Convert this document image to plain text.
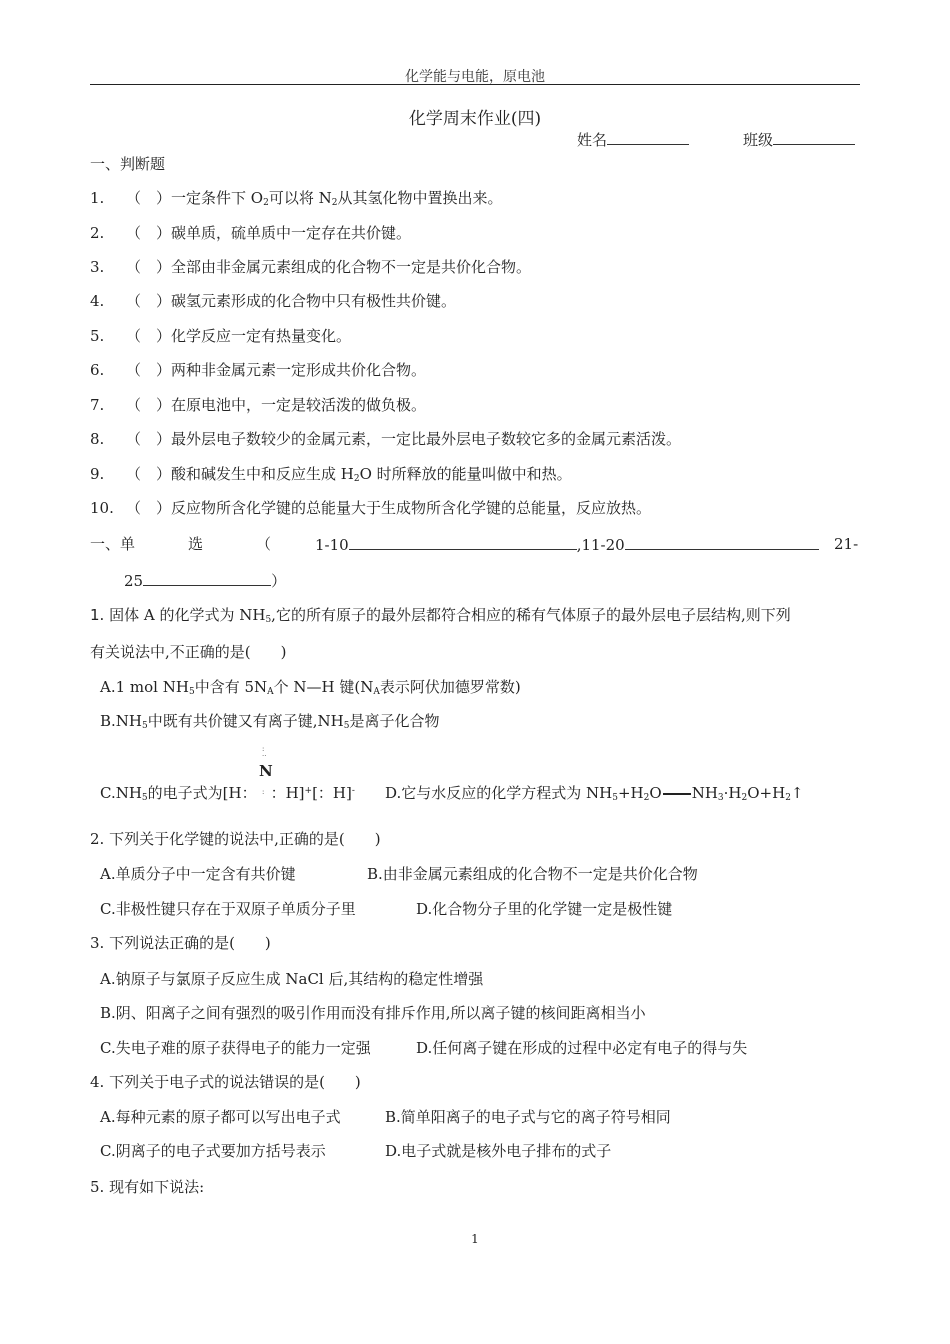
化学能与电能，原电池
化学周末作业(四)
姓名	班级
一、判断题
1. （　）一定条件下 $O_2$可以将 $N_2$从其氢化物中置换出来。
2. （　）碳单质，硫单质中一定存在共价键。
3. （　）全部由非金属元素组成的化合物不一定是共价化合物。
4. （　）碳氢元素形成的化合物中只有极性共价键。
5. （　）化学反应一定有热量变化。
6. （　）两种非金属元素一定形成共价化合物。
7. （　）在原电池中，一定是较活泼的做负极。
8. （　）最外层电子数较少的金属元素，一定比最外层电子数较它多的金属元素活泼。
9. （　）酸和碱发生中和反应生成 $H_2O$ 时所释放的能量叫做中和热。
10. （　）反应物所含化学键的总能量大于生成物所含化学键的总能量，反应放热。
一、单	选	（	1-10	,11-20	21-
25	）
1. 固体 A 的化学式为 $NH_5$,它的所有原子的最外层都符合相应的稀有气体原子的最外层电子层结构,则下列
有关说法中,不正确的是(　　)
A.1 mol $NH_5$中含有 $5N_A$个 N—H 键($N_A$表示阿伏加德罗常数)
$B.NH_5$中既有共价键又有离子键$,NH_5$是离子化合物
:
··
N
:
$C.NH_5$的电子式为[H： ：H]+[：H]- D.它与水反应的化学方程式为 $NH_5+H_2O$ $NH_3\cdot H_2O+H_2↑$
2. 下列关于化学键的说法中,正确的是(　　)
A.单质分子中一定含有共价键	B.由非金属元素组成的化合物不一定是共价化合物
C.非极性键只存在于双原子单质分子里	D.化合物分子里的化学键一定是极性键
3. 下列说法正确的是(　　)
A.钠原子与氯原子反应生成 NaCl 后,其结构的稳定性增强
B.阴、阳离子之间有强烈的吸引作用而没有排斥作用,所以离子键的核间距离相当小
C.失电子难的原子获得电子的能力一定强	D.任何离子键在形成的过程中必定有电子的得与失
4. 下列关于电子式的说法错误的是(　　)
A.每种元素的原子都可以写出电子式	B.简单阳离子的电子式与它的离子符号相同
C.阴离子的电子式要加方括号表示	D.电子式就是核外电子排布的式子
5. 现有如下说法:
1
